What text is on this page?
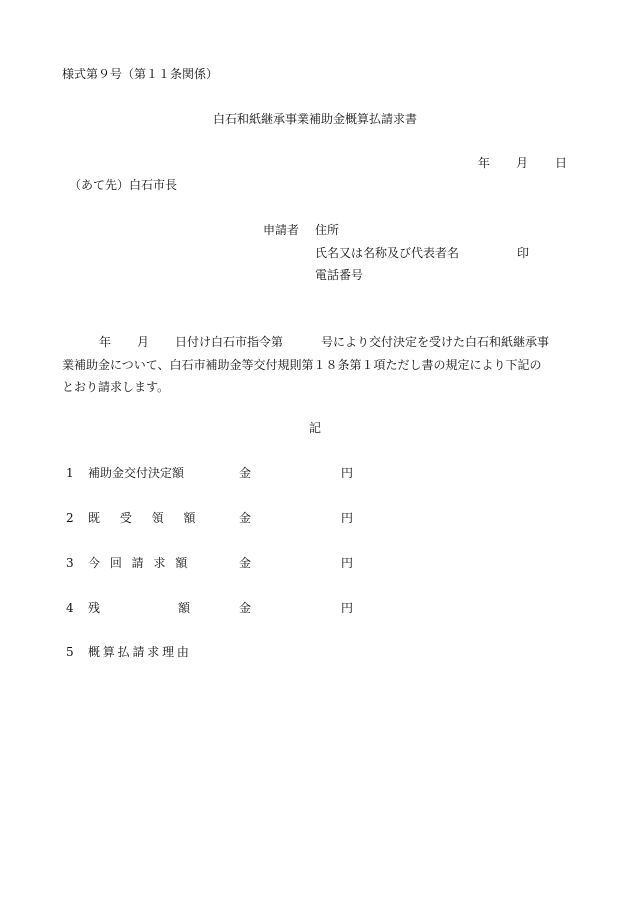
様式第９号（第１１条関係）
白石和紙継承事業補助金概算払請求書
年 月 日
（あて先）白石市長
申請者 住所
氏名又は名称及び代表者名	印
電話番号
年 月 日付け白石市指令第	号により交付決定を受けた白石和紙継承事
業補助金について、白石市補助金等交付規則第１８条第１項ただし書の規定により下記の
とおり請求します。
記
1 補助金交付決定額	金	円
2 既 受 領 額	金	円
3 今 回 請 求 額	金	円
4 残	額	金	円
5 概 算 払 請 求 理 由
